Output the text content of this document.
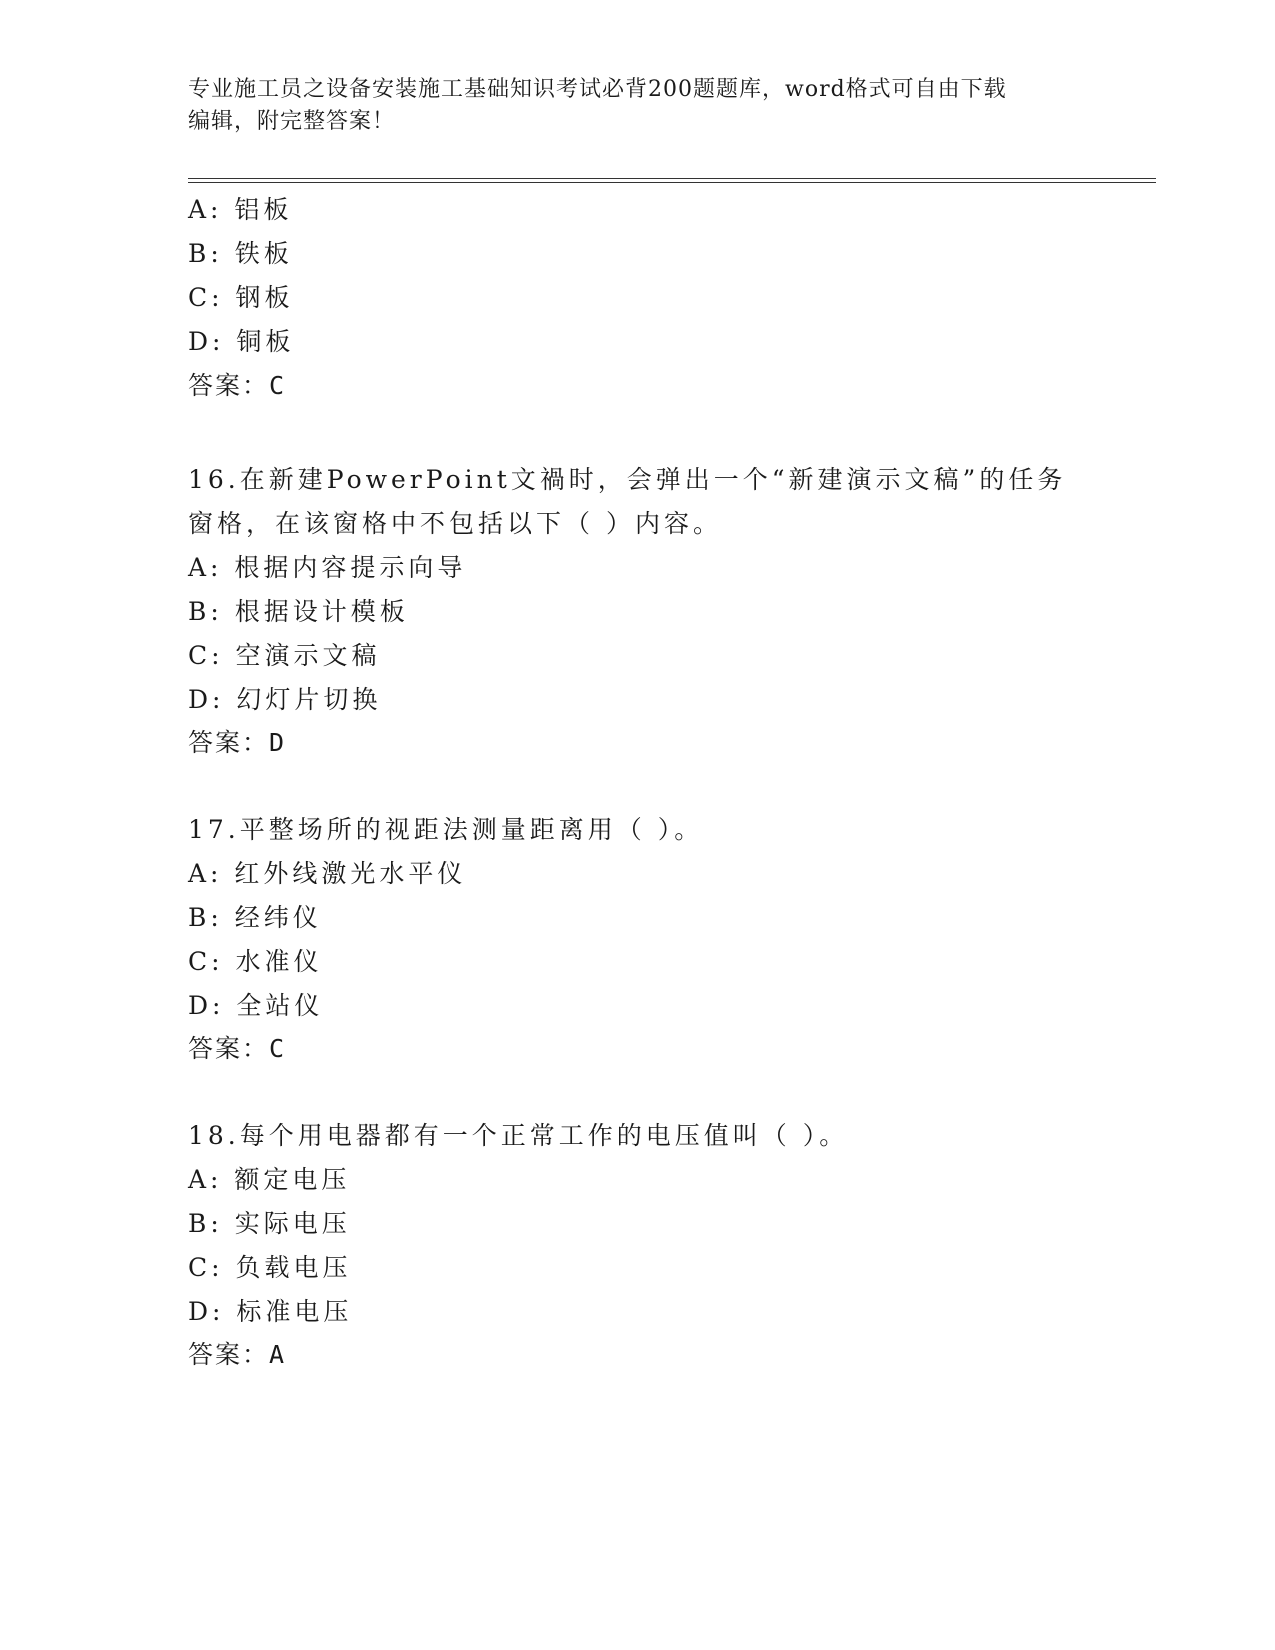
专业施工员之设备安装施工基础知识考试必背200题题库，word格式可自由下载
编辑，附完整答案！
A: 铝板
B: 铁板
C: 钢板
D: 铜板
答案：C
16.在新建PowerPoint文禍时，会弹出一个“新建演示文稿”的任务
窗格，在该窗格中不包括以下（ ）内容。
A: 根据内容提示向导
B: 根据设计模板
C: 空演示文稿
D: 幻灯片切换
答案：D
17.平整场所的视距法测量距离用（ ）。
A: 红外线激光水平仪
B: 经纬仪
C: 水准仪
D: 全站仪
答案：C
18.每个用电器都有一个正常工作的电压值叫（ ）。
A: 额定电压
B: 实际电压
C: 负载电压
D: 标准电压
答案：A
